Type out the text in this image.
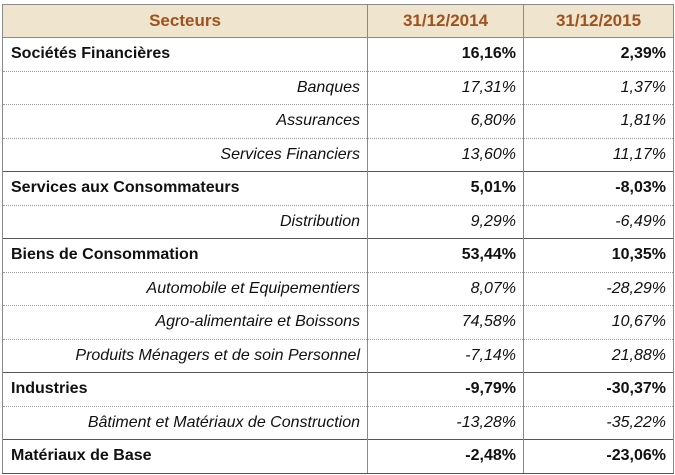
Secteurs	31/12/2014	31/12/2015
Sociétés Financières	16,16%	2,39%
Banques	17,31%	1,37%
Assurances	6,80%	1,81%
Services Financiers	13,60%	11,17%
Services aux Consommateurs	5,01%	-8,03%
Distribution	9,29%	-6,49%
Biens de Consommation	53,44%	10,35%
Automobile et Equipementiers	8,07%	-28,29%
Agro-alimentaire et Boissons	74,58%	10,67%
Produits Ménagers et de soin Personnel	-7,14%	21,88%
Industries	-9,79%	-30,37%
Bâtiment et Matériaux de Construction	-13,28%	-35,22%
Matériaux de Base	-2,48%	-23,06%
